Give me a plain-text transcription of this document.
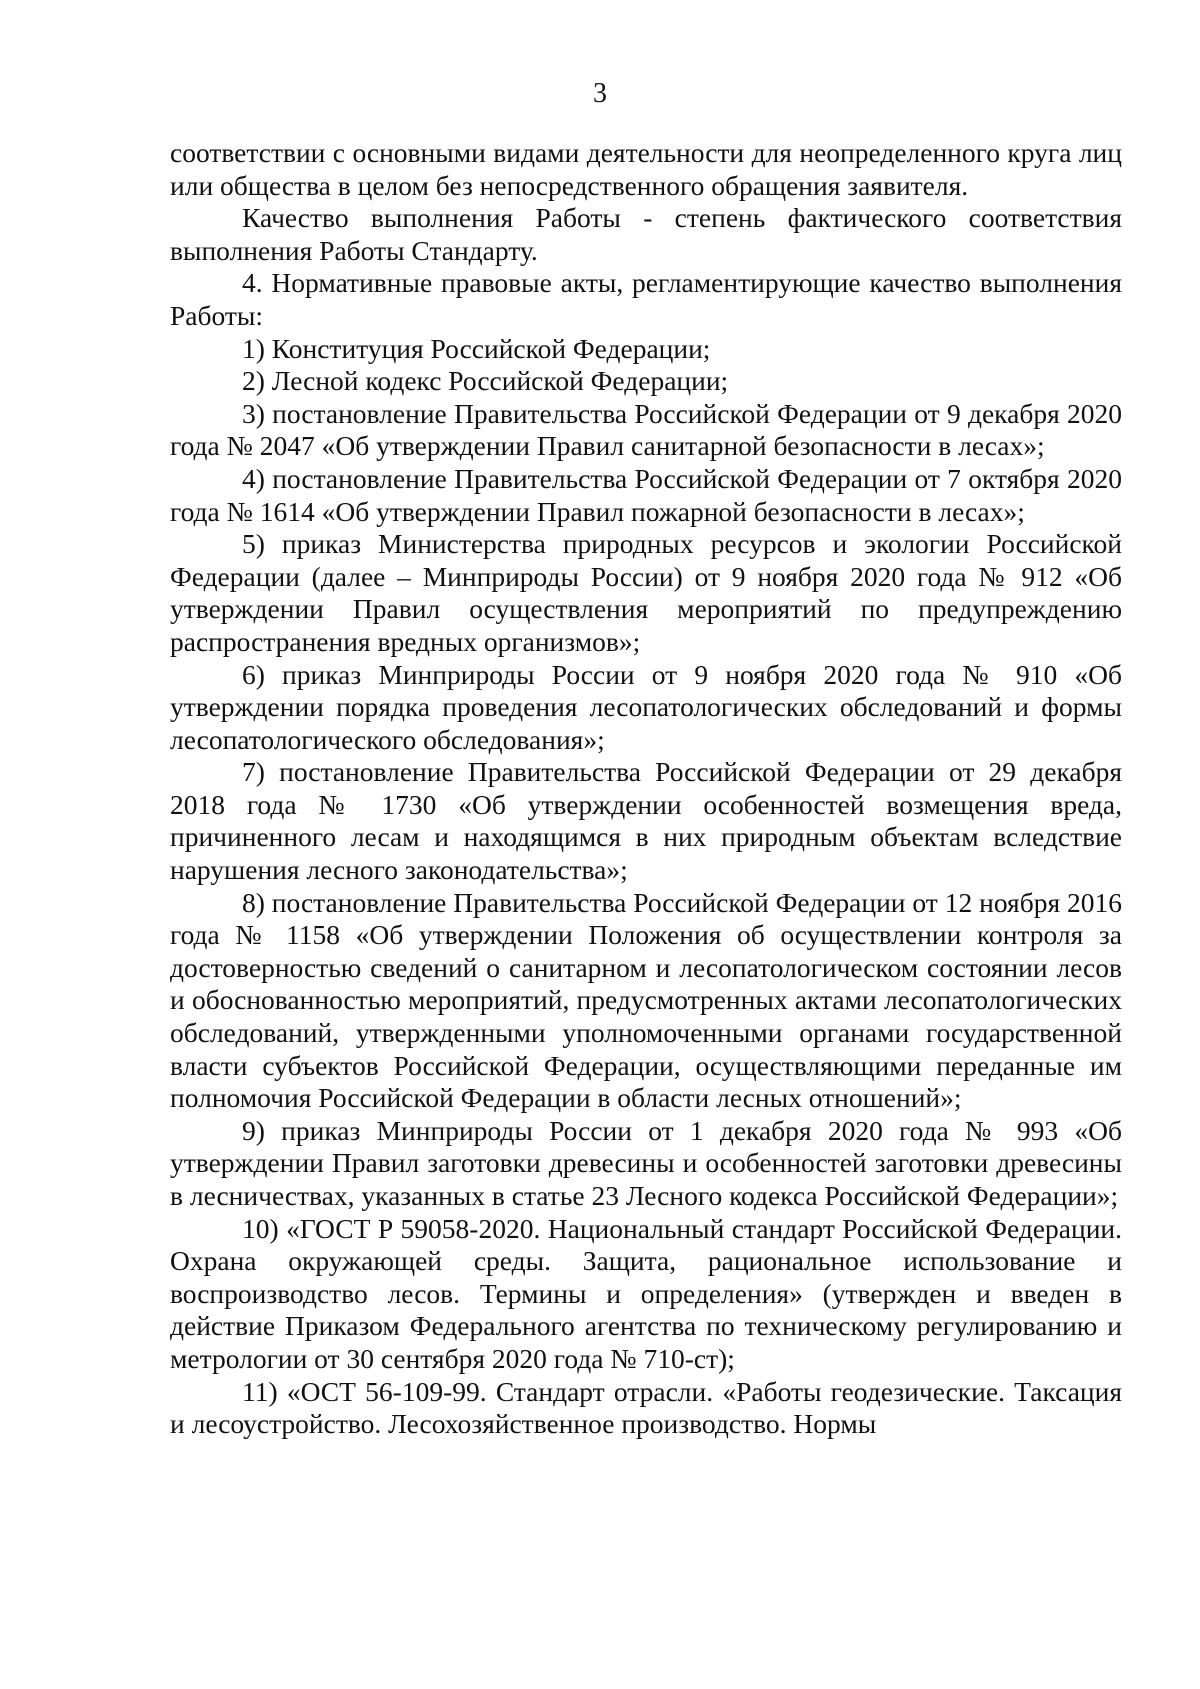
3

соответствии с основными видами деятельности для неопределенного круга лиц или общества в целом без непосредственного обращения заявителя.

Качество выполнения Работы - степень фактического соответствия выполнения Работы Стандарту.

4. Нормативные правовые акты, регламентирующие качество выполнения Работы:

1) Конституция Российской Федерации;

2) Лесной кодекс Российской Федерации;

3) постановление Правительства Российской Федерации от 9 декабря 2020 года № 2047 «Об утверждении Правил санитарной безопасности в лесах»;

4) постановление Правительства Российской Федерации от 7 октября 2020 года № 1614 «Об утверждении Правил пожарной безопасности в лесах»;

5) приказ Министерства природных ресурсов и экологии Российской Федерации (далее – Минприроды России) от 9 ноября 2020 года № 912 «Об утверждении Правил осуществления мероприятий по предупреждению распространения вредных организмов»;

6) приказ Минприроды России от 9 ноября 2020 года № 910 «Об утверждении порядка проведения лесопатологических обследований и формы лесопатологического обследования»;

7) постановление Правительства Российской Федерации от 29 декабря 2018 года № 1730 «Об утверждении особенностей возмещения вреда, причиненного лесам и находящимся в них природным объектам вследствие нарушения лесного законодательства»;

8) постановление Правительства Российской Федерации от 12 ноября 2016 года № 1158 «Об утверждении Положения об осуществлении контроля за достоверностью сведений о санитарном и лесопатологическом состоянии лесов и обоснованностью мероприятий, предусмотренных актами лесопатологических обследований, утвержденными уполномоченными органами государственной власти субъектов Российской Федерации, осуществляющими переданные им полномочия Российской Федерации в области лесных отношений»;

9) приказ Минприроды России от 1 декабря 2020 года № 993 «Об утверждении Правил заготовки древесины и особенностей заготовки древесины в лесничествах, указанных в статье 23 Лесного кодекса Российской Федерации»;

10) «ГОСТ Р 59058-2020. Национальный стандарт Российской Федерации. Охрана окружающей среды. Защита, рациональное использование и воспроизводство лесов. Термины и определения» (утвержден и введен в действие Приказом Федерального агентства по техническому регулированию и метрологии от 30 сентября 2020 года № 710-ст);

11) «ОСТ 56-109-99. Стандарт отрасли. «Работы геодезические. Таксация и лесоустройство. Лесохозяйственное производство. Нормы
